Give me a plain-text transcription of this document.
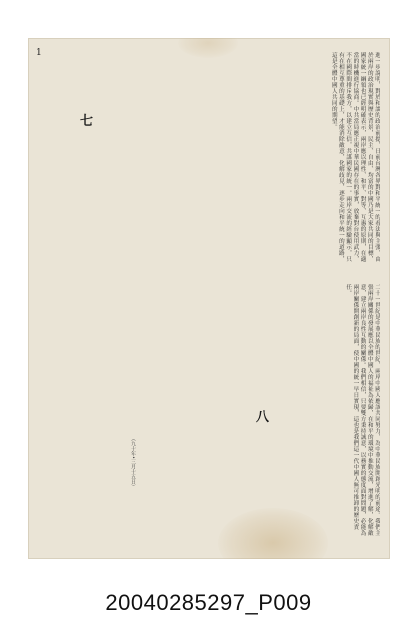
1	進一步說明，對於和談的政治前提，日前台灣各界對和平統一的看法與主張，由於兩岸的政治現實與歷史背景，民主、自由、均富的中國乃是大家共同的目標，國家統一綱領也已經明確表示，兩岸應以理性、和平、對等、互惠的原則，在適當的時機進行協商。中共當局應正視中華民國存在的事實，放棄對台使用武力，不在國際間排斥我方，以建立互信，共謀國家的統一。兩岸交流的經驗顯示，只有在相互尊重的基礎上，才能消除敵意，化解歧見，逐步走向和平統一的道路，這是全體中國人共同的期望。
七
二十一世紀是中華民族的世紀，兩岸中國人應該共同努力，為中華民族開創光明的前途。我們主張兩岸關係的發展應以全體中國人的福祉為依歸，在和平的環境中推動交流，增進了解，化解敵意，建立兩岸良性互動的關係。我們相信，只要雙方秉持誠意，以務實的態度面對問題，必能為兩岸關係開創新的局面，使中國的統一早日實現，這也是我們這一代中國人無可推卸的歷史責任。
八
（九十年•三月十五日）
20040285297_P009
